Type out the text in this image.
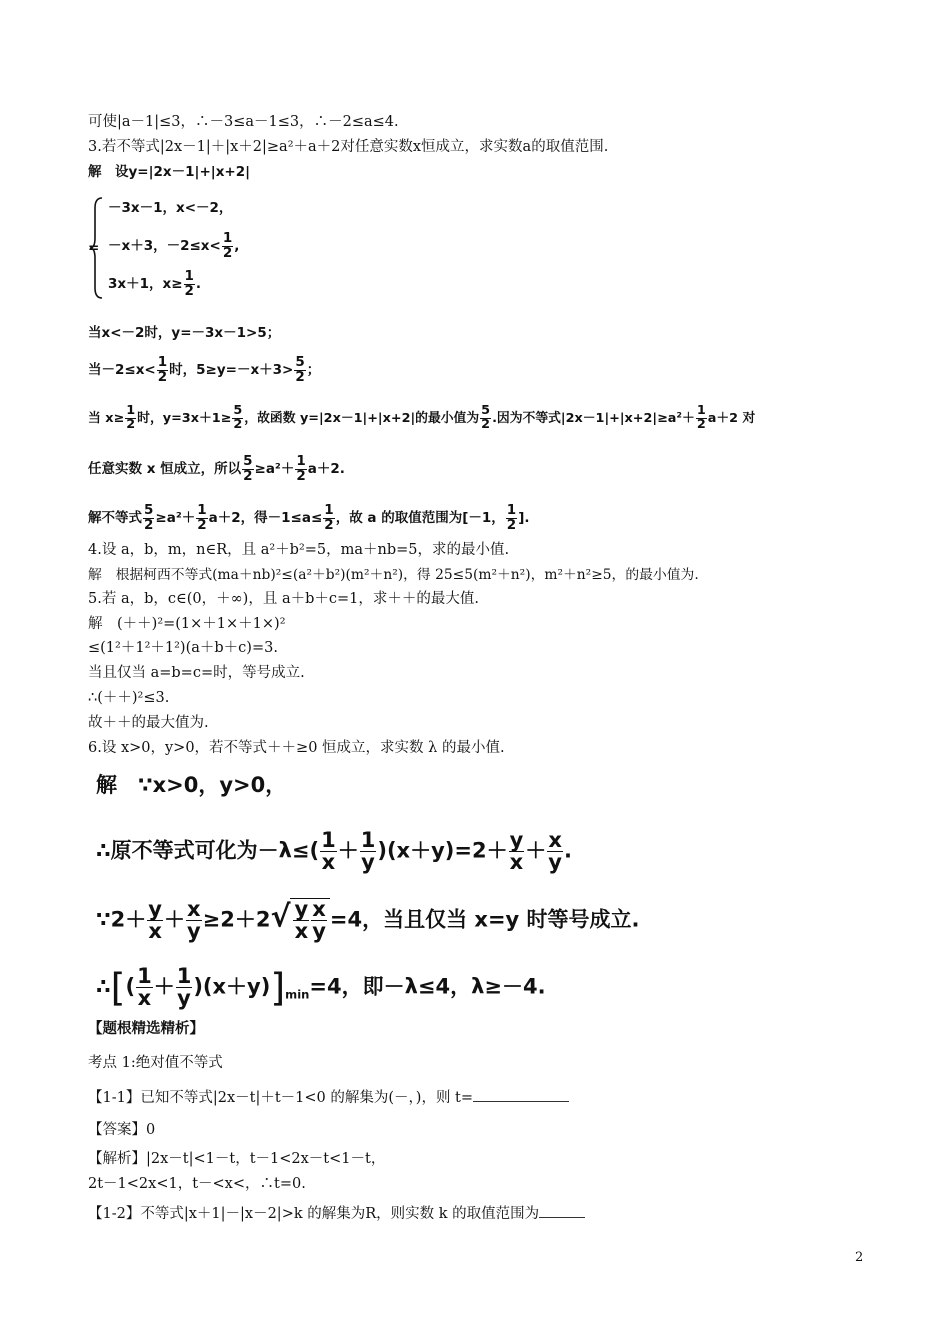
可使|a－1|≤3，∴－3≤a－1≤3，∴－2≤a≤4.
3.若不等式|2x－1|＋|x＋2|≥a²＋a＋2对任意实数x恒成立，求实数a的取值范围.
解　设y=|2x－1|+|x+2|
=
－3x－1，x<－2，
－x＋3，$-2\le x< \frac{1}{2}$ ,
3x＋1，$x\ge \frac{1}{2}$ .
当x<－2时，y=－3x－1>5；
当$-2\le x< \frac{1}{2}$ 时，$5\ge y=-x+3> \frac{5}{2}$ ；
当 $x\ge \frac{1}{2}$ 时，$y=3x+1\ge \frac{5}{2}$ ，故函数 y=|2x－1|+|x+2|的最小值为 $\frac{5}{2}$ .因为不等式$|2x-1|+|x+2|\ge a^2+ \frac{1}{2} a+2$ 对
任意实数 x 恒成立，所以 $\frac{5}{2} \ge a^2+ \frac{1}{2} a+2$.
解不等式 $\frac{5}{2} \ge a^2+ \frac{1}{2} a+2$，得$-1\le a\le \frac{1}{2}$ ，故 a 的取值范围为[－1， $\frac{1}{2}$ ].
4.设 a，b，m，n∈R，且 a²＋b²=5，ma＋nb=5，求的最小值.
解　根据柯西不等式(ma＋nb)²≤(a²＋b²)(m²＋n²)，得 25≤5(m²＋n²)，m²＋n²≥5，的最小值为.
5.若 a，b，c∈(0，＋∞)，且 a＋b＋c=1，求＋＋的最大值.
解　(＋＋)²=(1×＋1×＋1×)²
≤(1²＋1²＋1²)(a＋b＋c)=3.
当且仅当 a=b=c=时，等号成立.
∴(＋＋)²≤3.
故＋＋的最大值为.
6.设 x>0，y>0，若不等式＋＋≥0 恒成立，求实数 λ 的最小值.
解　∵x>0，y>0，
∴原不等式可化为$-\lambda\le( \frac{1}{x} + \frac{1}{y} )(x+y)=2+ \frac{y}{x} + \frac{x}{y}$ .
∵2＋ $\frac{y}{x} + \frac{x}{y} \ge 2+2√ \frac{y}{x} \frac{x}{y} =4$，当且仅当 x=y 时等号成立.
∴[( $\frac{1}{x} + \frac{1}{y} )(x+y)]_{min}=4$，即－λ≤4，λ≥－4.
【题根精选精析】
考点 1:绝对值不等式
【1-1】已知不等式|2x－t|＋t－1<0 的解集为(－，)，则 t=
【答案】0
【解析】|2x－t|<1－t，t－1<2x－t<1－t，
2t－1<2x<1，t－<x<，∴t=0.
【1-2】不等式|x＋1|－|x－2|>k 的解集为R，则实数 k 的取值范围为
2
